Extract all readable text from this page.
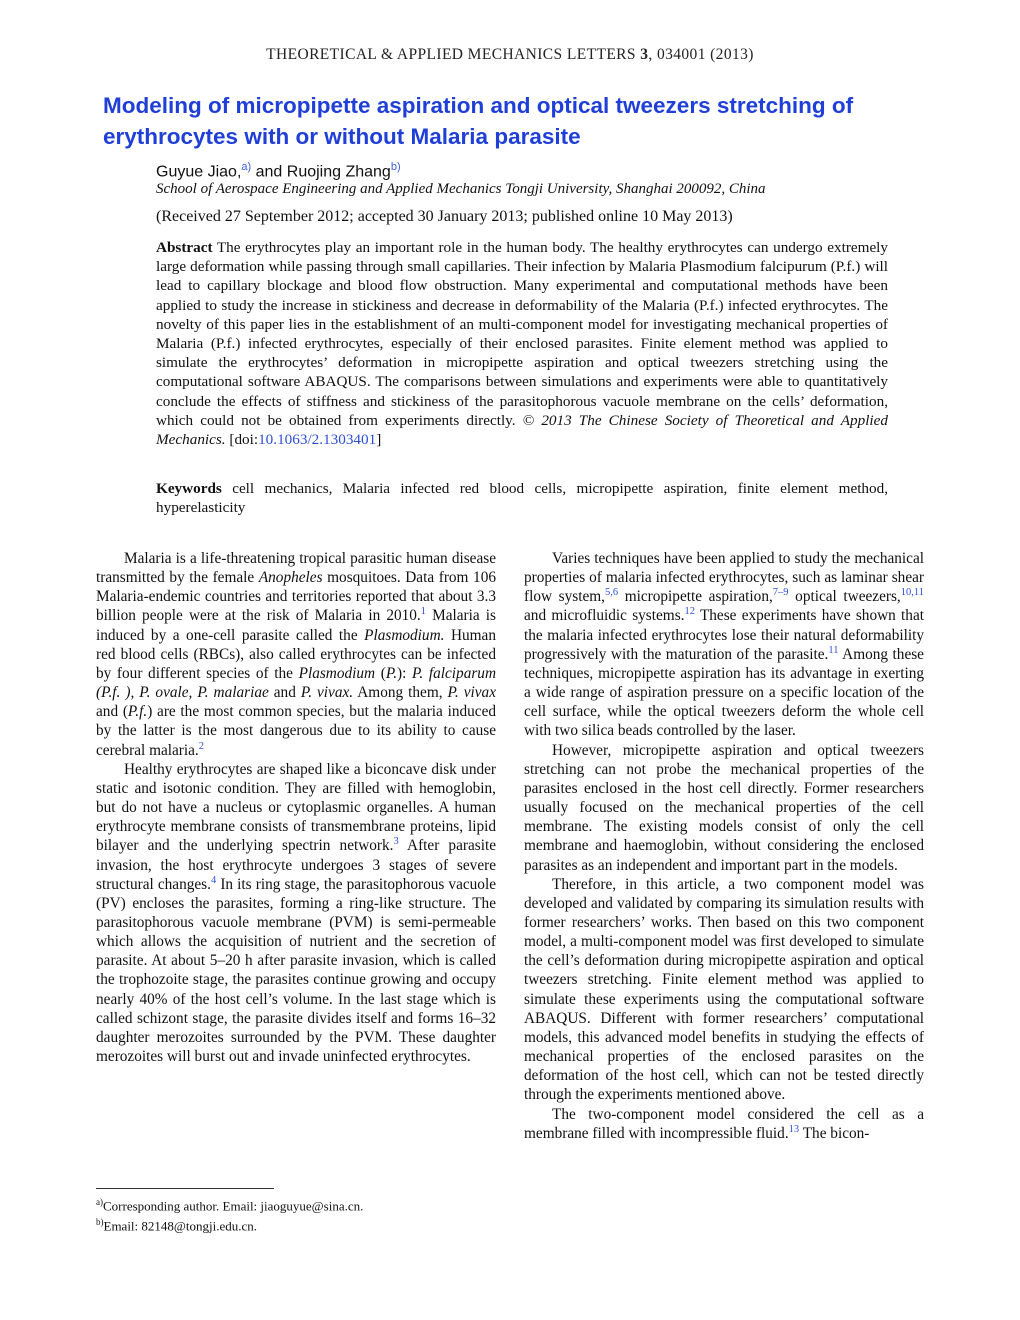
THEORETICAL & APPLIED MECHANICS LETTERS 3, 034001 (2013)
Modeling of micropipette aspiration and optical tweezers stretching of erythrocytes with or without Malaria parasite
Guyue Jiao,$^{a)}$ and Ruojing Zhang$^{b)}$
School of Aerospace Engineering and Applied Mechanics Tongji University, Shanghai 200092, China
(Received 27 September 2012; accepted 30 January 2013; published online 10 May 2013)
Abstract The erythrocytes play an important role in the human body. The healthy erythrocytes can undergo extremely large deformation while passing through small capillaries. Their infection by Malaria Plasmodium falcipurum (P.f.) will lead to capillary blockage and blood flow obstruction. Many experimental and computational methods have been applied to study the increase in stickiness and decrease in deformability of the Malaria (P.f.) infected erythrocytes. The novelty of this paper lies in the establishment of an multi-component model for investigating mechanical properties of Malaria (P.f.) infected erythrocytes, especially of their enclosed parasites. Finite element method was applied to simulate the erythrocytes’ deformation in micropipette aspiration and optical tweezers stretching using the computational software ABAQUS. The comparisons between simulations and experiments were able to quantitatively conclude the effects of stiffness and stickiness of the parasitophorous vacuole membrane on the cells’ deformation, which could not be obtained from experiments directly. © 2013 The Chinese Society of Theoretical and Applied Mechanics. [doi:10.1063/2.1303401]
Keywords cell mechanics, Malaria infected red blood cells, micropipette aspiration, finite element method, hyperelasticity

Malaria is a life-threatening tropical parasitic human disease transmitted by the female Anopheles mosquitoes. Data from 106 Malaria-endemic countries and territories reported that about 3.3 billion people were at the risk of Malaria in 2010.$^1$ Malaria is induced by a one-cell parasite called the Plasmodium. Human red blood cells (RBCs), also called erythrocytes can be infected by four different species of the Plasmodium (P.): P. falciparum (P.f. ), P. ovale, P. malariae and P. vivax. Among them, P. vivax and (P.f.) are the most common species, but the malaria induced by the latter is the most dangerous due to its ability to cause cerebral malaria.$^2$

Healthy erythrocytes are shaped like a biconcave disk under static and isotonic condition. They are filled with hemoglobin, but do not have a nucleus or cytoplasmic organelles. A human erythrocyte membrane consists of transmembrane proteins, lipid bilayer and the underlying spectrin network.$^3$ After parasite invasion, the host erythrocyte undergoes 3 stages of severe structural changes.$^4$ In its ring stage, the parasitophorous vacuole (PV) encloses the parasites, forming a ring-like structure. The parasitophorous vacuole membrane (PVM) is semi-permeable which allows the acquisition of nutrient and the secretion of parasite. At about 5–20 h after parasite invasion, which is called the trophozoite stage, the parasites continue growing and occupy nearly 40% of the host cell’s volume. In the last stage which is called schizont stage, the parasite divides itself and forms 16–32 daughter merozoites surrounded by the PVM. These daughter merozoites will burst out and invade uninfected erythrocytes.

Varies techniques have been applied to study the mechanical properties of malaria infected erythrocytes, such as laminar shear flow system,$^{5,6}$ micropipette aspiration,$^{7-9}$ optical tweezers,$^{10,11}$ and microfluidic systems.$^{12}$ These experiments have shown that the malaria infected erythrocytes lose their natural deformability progressively with the maturation of the parasite.$^{11}$ Among these techniques, micropipette aspiration has its advantage in exerting a wide range of aspiration pressure on a specific location of the cell surface, while the optical tweezers deform the whole cell with two silica beads controlled by the laser.

However, micropipette aspiration and optical tweezers stretching can not probe the mechanical properties of the parasites enclosed in the host cell directly. Former researchers usually focused on the mechanical properties of the cell membrane. The existing models consist of only the cell membrane and haemoglobin, without considering the enclosed parasites as an independent and important part in the models.

Therefore, in this article, a two component model was developed and validated by comparing its simulation results with former researchers’ works. Then based on this two component model, a multi-component model was first developed to simulate the cell’s deformation during micropipette aspiration and optical tweezers stretching. Finite element method was applied to simulate these experiments using the computational software ABAQUS. Different with former researchers’ computational models, this advanced model benefits in studying the effects of mechanical properties of the enclosed parasites on the deformation of the host cell, which can not be tested directly through the experiments mentioned above.

The two-component model considered the cell as a membrane filled with incompressible fluid.$^{13}$ The bicon-

$^{a)}$Corresponding author. Email: jiaoguyue@sina.cn.
$^{b)}$Email: 82148@tongji.edu.cn.
